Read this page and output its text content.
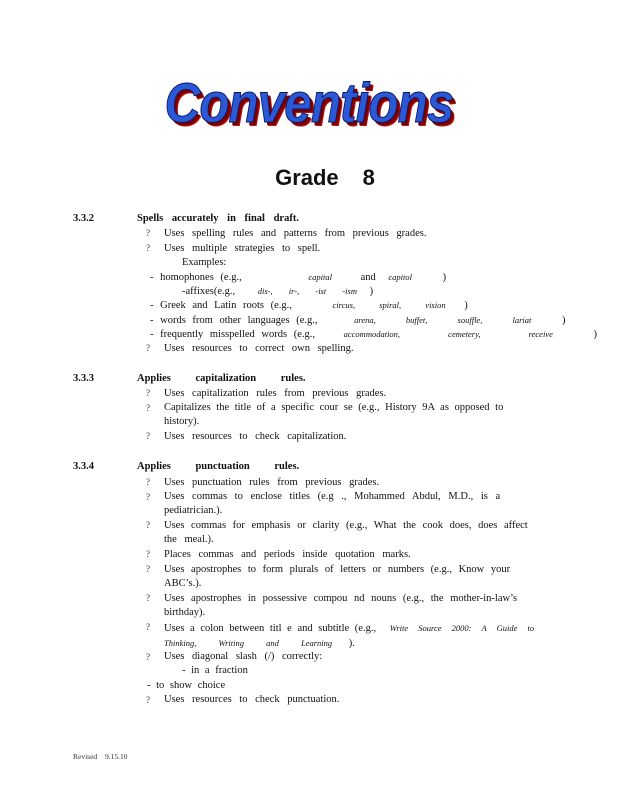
Conventions
Grade 8
3.3.2	Spells accurately in final draft.
? Uses spelling rules and patterns from previous grades.
? Uses multiple strategies to spell.
Examples:
- homophones (e.g.,	capital	and capitol	)
-affixes(e.g.,	dis-, ir-, -ist -ism )
- Greek and Latin roots (e.g.,	circus, spiral, vision )
- words from other languages (e.g.,	arena, buffet, souffle, lariat	)
- frequently misspelled words (e.g.,	accommodation, cemetery, receive	)
? Uses resources to correct own spelling.
3.3.3	Applies capitalization rules.
? Uses capitalization rules from previous grades.
? Capitalizes the title of a specific cour se (e.g., History 9A as opposed to
history).
? Uses resources to check capitalization.
3.3.4	Applies punctuation rules.
? Uses punctuation rules from previous grades.
? Uses commas to enclose titles (e.g ., Mohammed Abdul, M.D., is a
pediatrician.).
? Uses commas for emphasis or clarity (e.g., What the cook does, does affect
the meal.).
? Places commas and periods inside quotation marks.
? Uses apostrophes to form plurals of letters or numbers (e.g., Know your
ABC’s.).
? Uses apostrophes in possessive compou nd nouns (e.g., the mother-in-law’s
birthday).
? Uses a colon between titl e and subtitle (e.g., Write Source 2000: A Guide to
Thinking, Writing and Learning ).
? Uses diagonal slash (/) correctly:
- in a fraction
- to show choice
? Uses resources to check punctuation.
Revised 9.15.10
